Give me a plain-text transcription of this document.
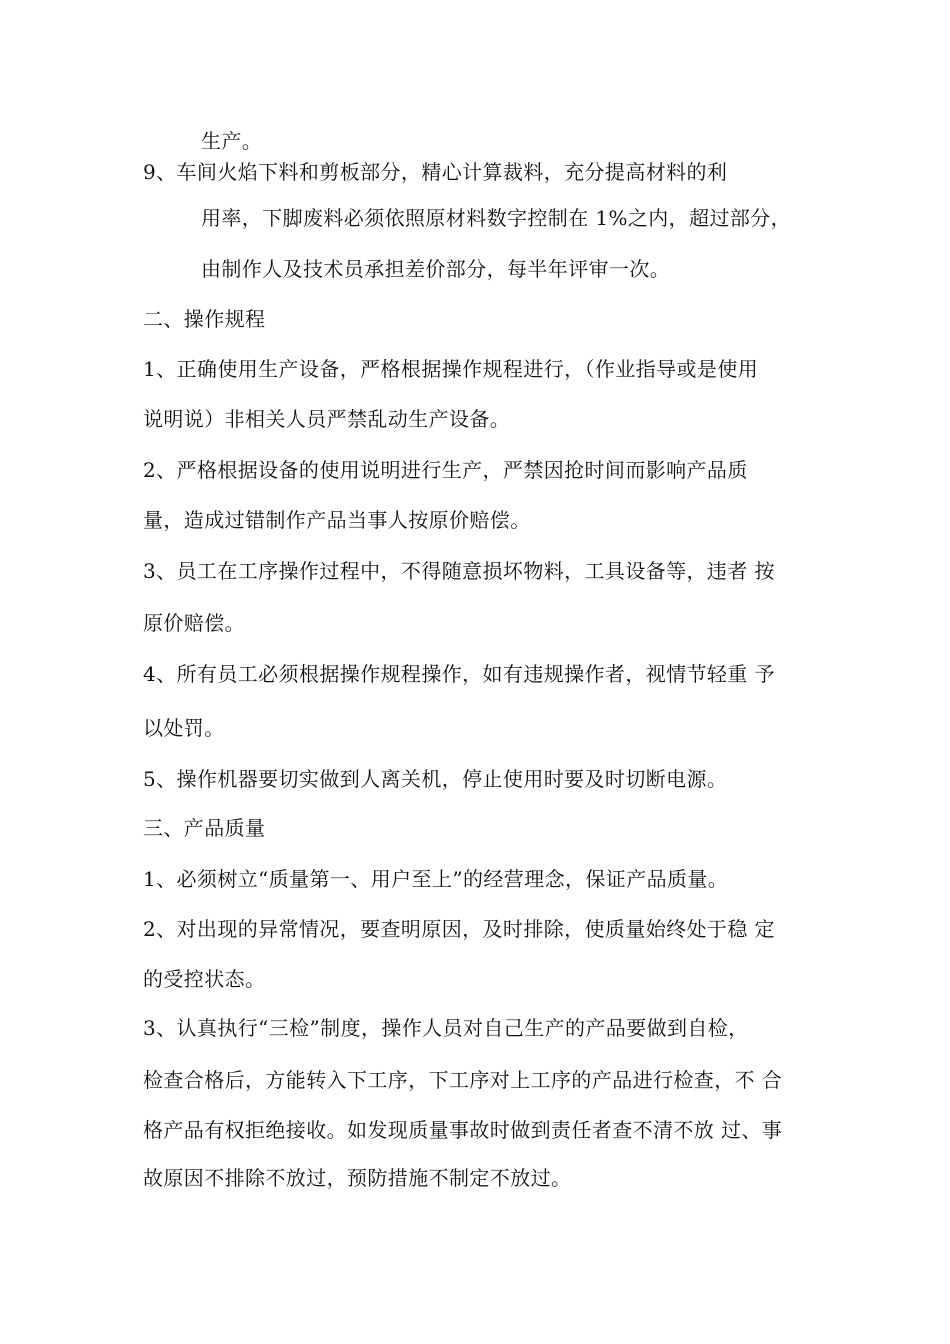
生产。
9、车间火焰下料和剪板部分，精心计算裁料，充分提高材料的利
用率，下脚废料必须依照原材料数字控制在 1%之内，超过部分，
由制作人及技术员承担差价部分，每半年评审一次。
二、操作规程
1、正确使用生产设备，严格根据操作规程进行，（作业指导或是使用
说明说）非相关人员严禁乱动生产设备。
2、严格根据设备的使用说明进行生产，严禁因抢时间而影响产品质
量，造成过错制作产品当事人按原价赔偿。
3、员工在工序操作过程中，不得随意损坏物料，工具设备等，违者 按
原价赔偿。
4、所有员工必须根据操作规程操作，如有违规操作者，视情节轻重 予
以处罚。
5、操作机器要切实做到人离关机，停止使用时要及时切断电源。
三、产品质量
1、必须树立“质量第一、用户至上”的经营理念，保证产品质量。
2、对出现的异常情况，要查明原因，及时排除，使质量始终处于稳 定
的受控状态。
3、认真执行“三检”制度，操作人员对自己生产的产品要做到自检，
检查合格后，方能转入下工序，下工序对上工序的产品进行检查，不 合
格产品有权拒绝接收。如发现质量事故时做到责任者查不清不放 过、事
故原因不排除不放过，预防措施不制定不放过。
